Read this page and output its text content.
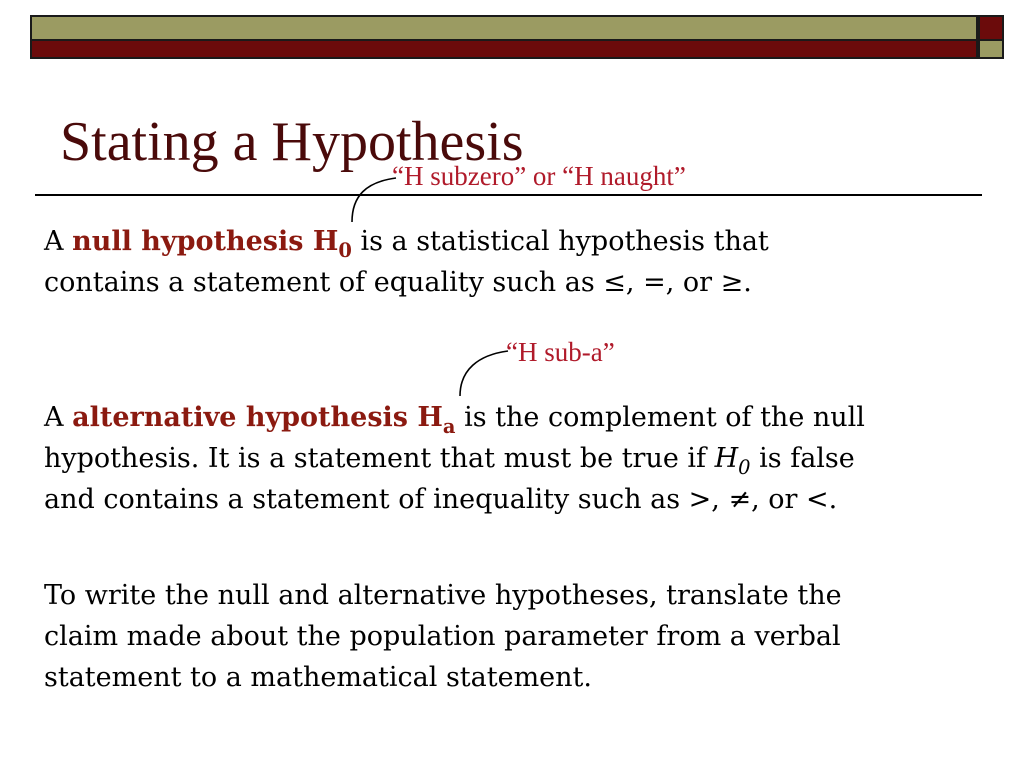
Stating a Hypothesis
“H subzero” or “H naught”
“H sub-a”

A null hypothesis $H_0$ is a statistical hypothesis that
contains a statement of equality such as ≤, =, or ≥.

A alternative hypothesis $H_a$ is the complement of the null
hypothesis. It is a statement that must be true if $H_0$ is false
and contains a statement of inequality such as >, ≠, or <.

To write the null and alternative hypotheses, translate the
claim made about the population parameter from a verbal
statement to a mathematical statement.
